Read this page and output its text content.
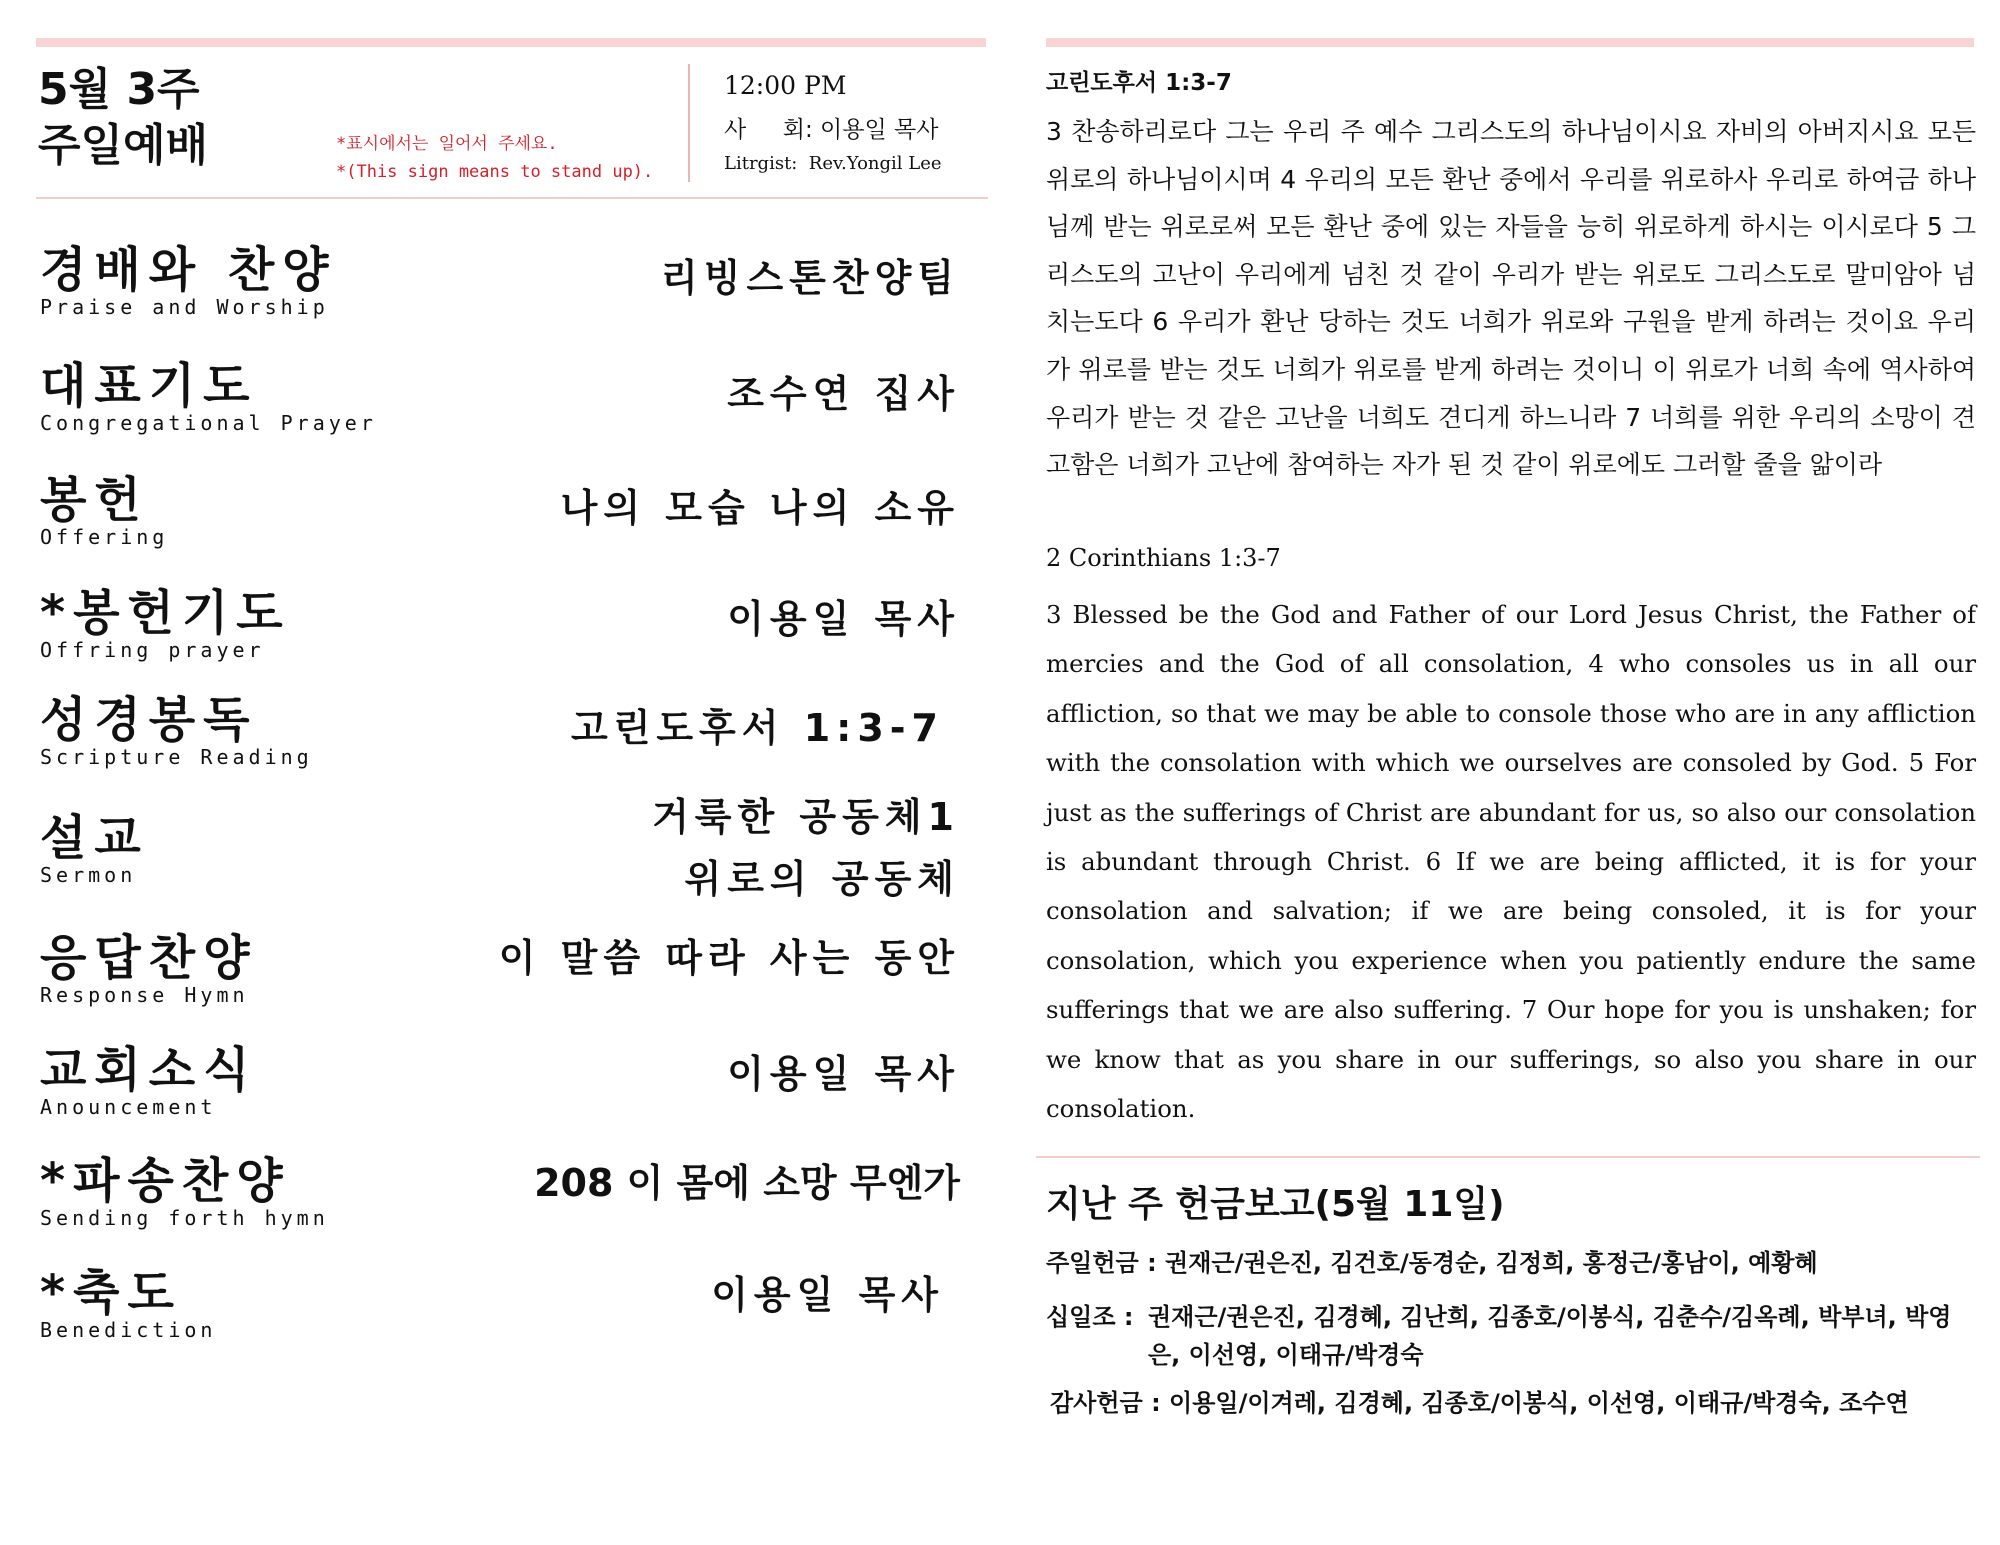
5월 3주
주일예배	*표시에서는 일어서 주세요.
*(This sign means to stand up).
12:00 PM
사     회: 이용일 목사
Litrgist:  Rev.Yongil Lee
경배와 찬양
Praise and Worship
리빙스톤찬양팀
대표기도
Congregational Prayer
조수연 집사
봉헌
Offering
나의 모습 나의 소유
*봉헌기도
Offring prayer
이용일 목사
성경봉독
Scripture Reading
고린도후서 1:3-7
설교
Sermon
거룩한 공동체1
위로의 공동체
응답찬양
Response Hymn
이 말씀 따라 사는 동안
교회소식
Anouncement
이용일 목사
*파송찬양
Sending forth hymn
208 이 몸에 소망 무엔가
*축도
Benediction
이용일 목사
고린도후서 1:3-7
3 찬송하리로다 그는 우리 주 예수 그리스도의 하나님이시요 자비의 아버지시요 모든 위로의 하나님이시며 4 우리의 모든 환난 중에서 우리를 위로하사 우리로 하여금 하나님께 받는 위로로써 모든 환난 중에 있는 자들을 능히 위로하게 하시는 이시로다 5 그리스도의 고난이 우리에게 넘친 것 같이 우리가 받는 위로도 그리스도로 말미암아 넘치는도다 6 우리가 환난 당하는 것도 너희가 위로와 구원을 받게 하려는 것이요 우리가 위로를 받는 것도 너희가 위로를 받게 하려는 것이니 이 위로가 너희 속에 역사하여 우리가 받는 것 같은 고난을 너희도 견디게 하느니라 7 너희를 위한 우리의 소망이 견고함은 너희가 고난에 참여하는 자가 된 것 같이 위로에도 그러할 줄을 앎이라
2 Corinthians 1:3-7
3 Blessed be the God and Father of our Lord Jesus Christ, the Father of mercies and the God of all consolation, 4 who consoles us in all our affliction, so that we may be able to console those who are in any affliction with the consolation with which we ourselves are consoled by God. 5 For just as the sufferings of Christ are abundant for us, so also our consolation is abundant through Christ. 6 If we are being afflicted, it is for your consolation and salvation; if we are being consoled, it is for your consolation, which you experience when you patiently endure the same sufferings that we are also suffering. 7 Our hope for you is unshaken; for we know that as you share in our sufferings, so also you share in our consolation.
지난 주 헌금보고(5월 11일)
주일헌금 : 권재근/권은진, 김건호/동경순, 김정희, 홍정근/홍남이, 예황혜
십일조 :  권재근/권은진, 김경혜, 김난희, 김종호/이봉식, 김춘수/김옥례, 박부녀, 박영은, 이선영, 이태규/박경숙
감사헌금 : 이용일/이겨레, 김경혜, 김종호/이봉식, 이선영, 이태규/박경숙, 조수연
